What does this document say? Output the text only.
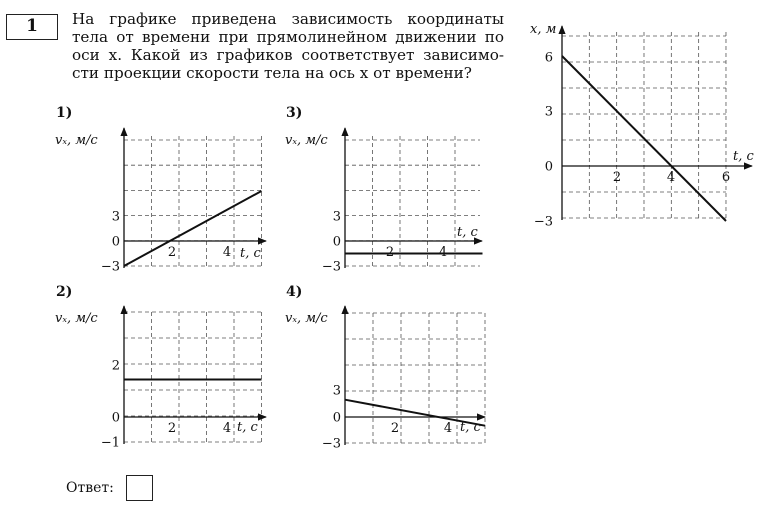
1	На графике приведена зависимость координаты
тела от времени при прямолинейном движении по
оси x. Какой из графиков соответствует зависимо-
сти проекции скорости тела на ось x от времени?

6
3
0
−3
2	4	6
x, м
t, с
3
0
−3
2	4
vₓ, м/с
t, с
1)
2
0
−1
2	4
vₓ, м/с
t, с
2)
3
0
−3
2	4
vₓ, м/с
t, с
3)
3
0
−3
2	4
vₓ, м/с
t, с
4)
Ответ:
